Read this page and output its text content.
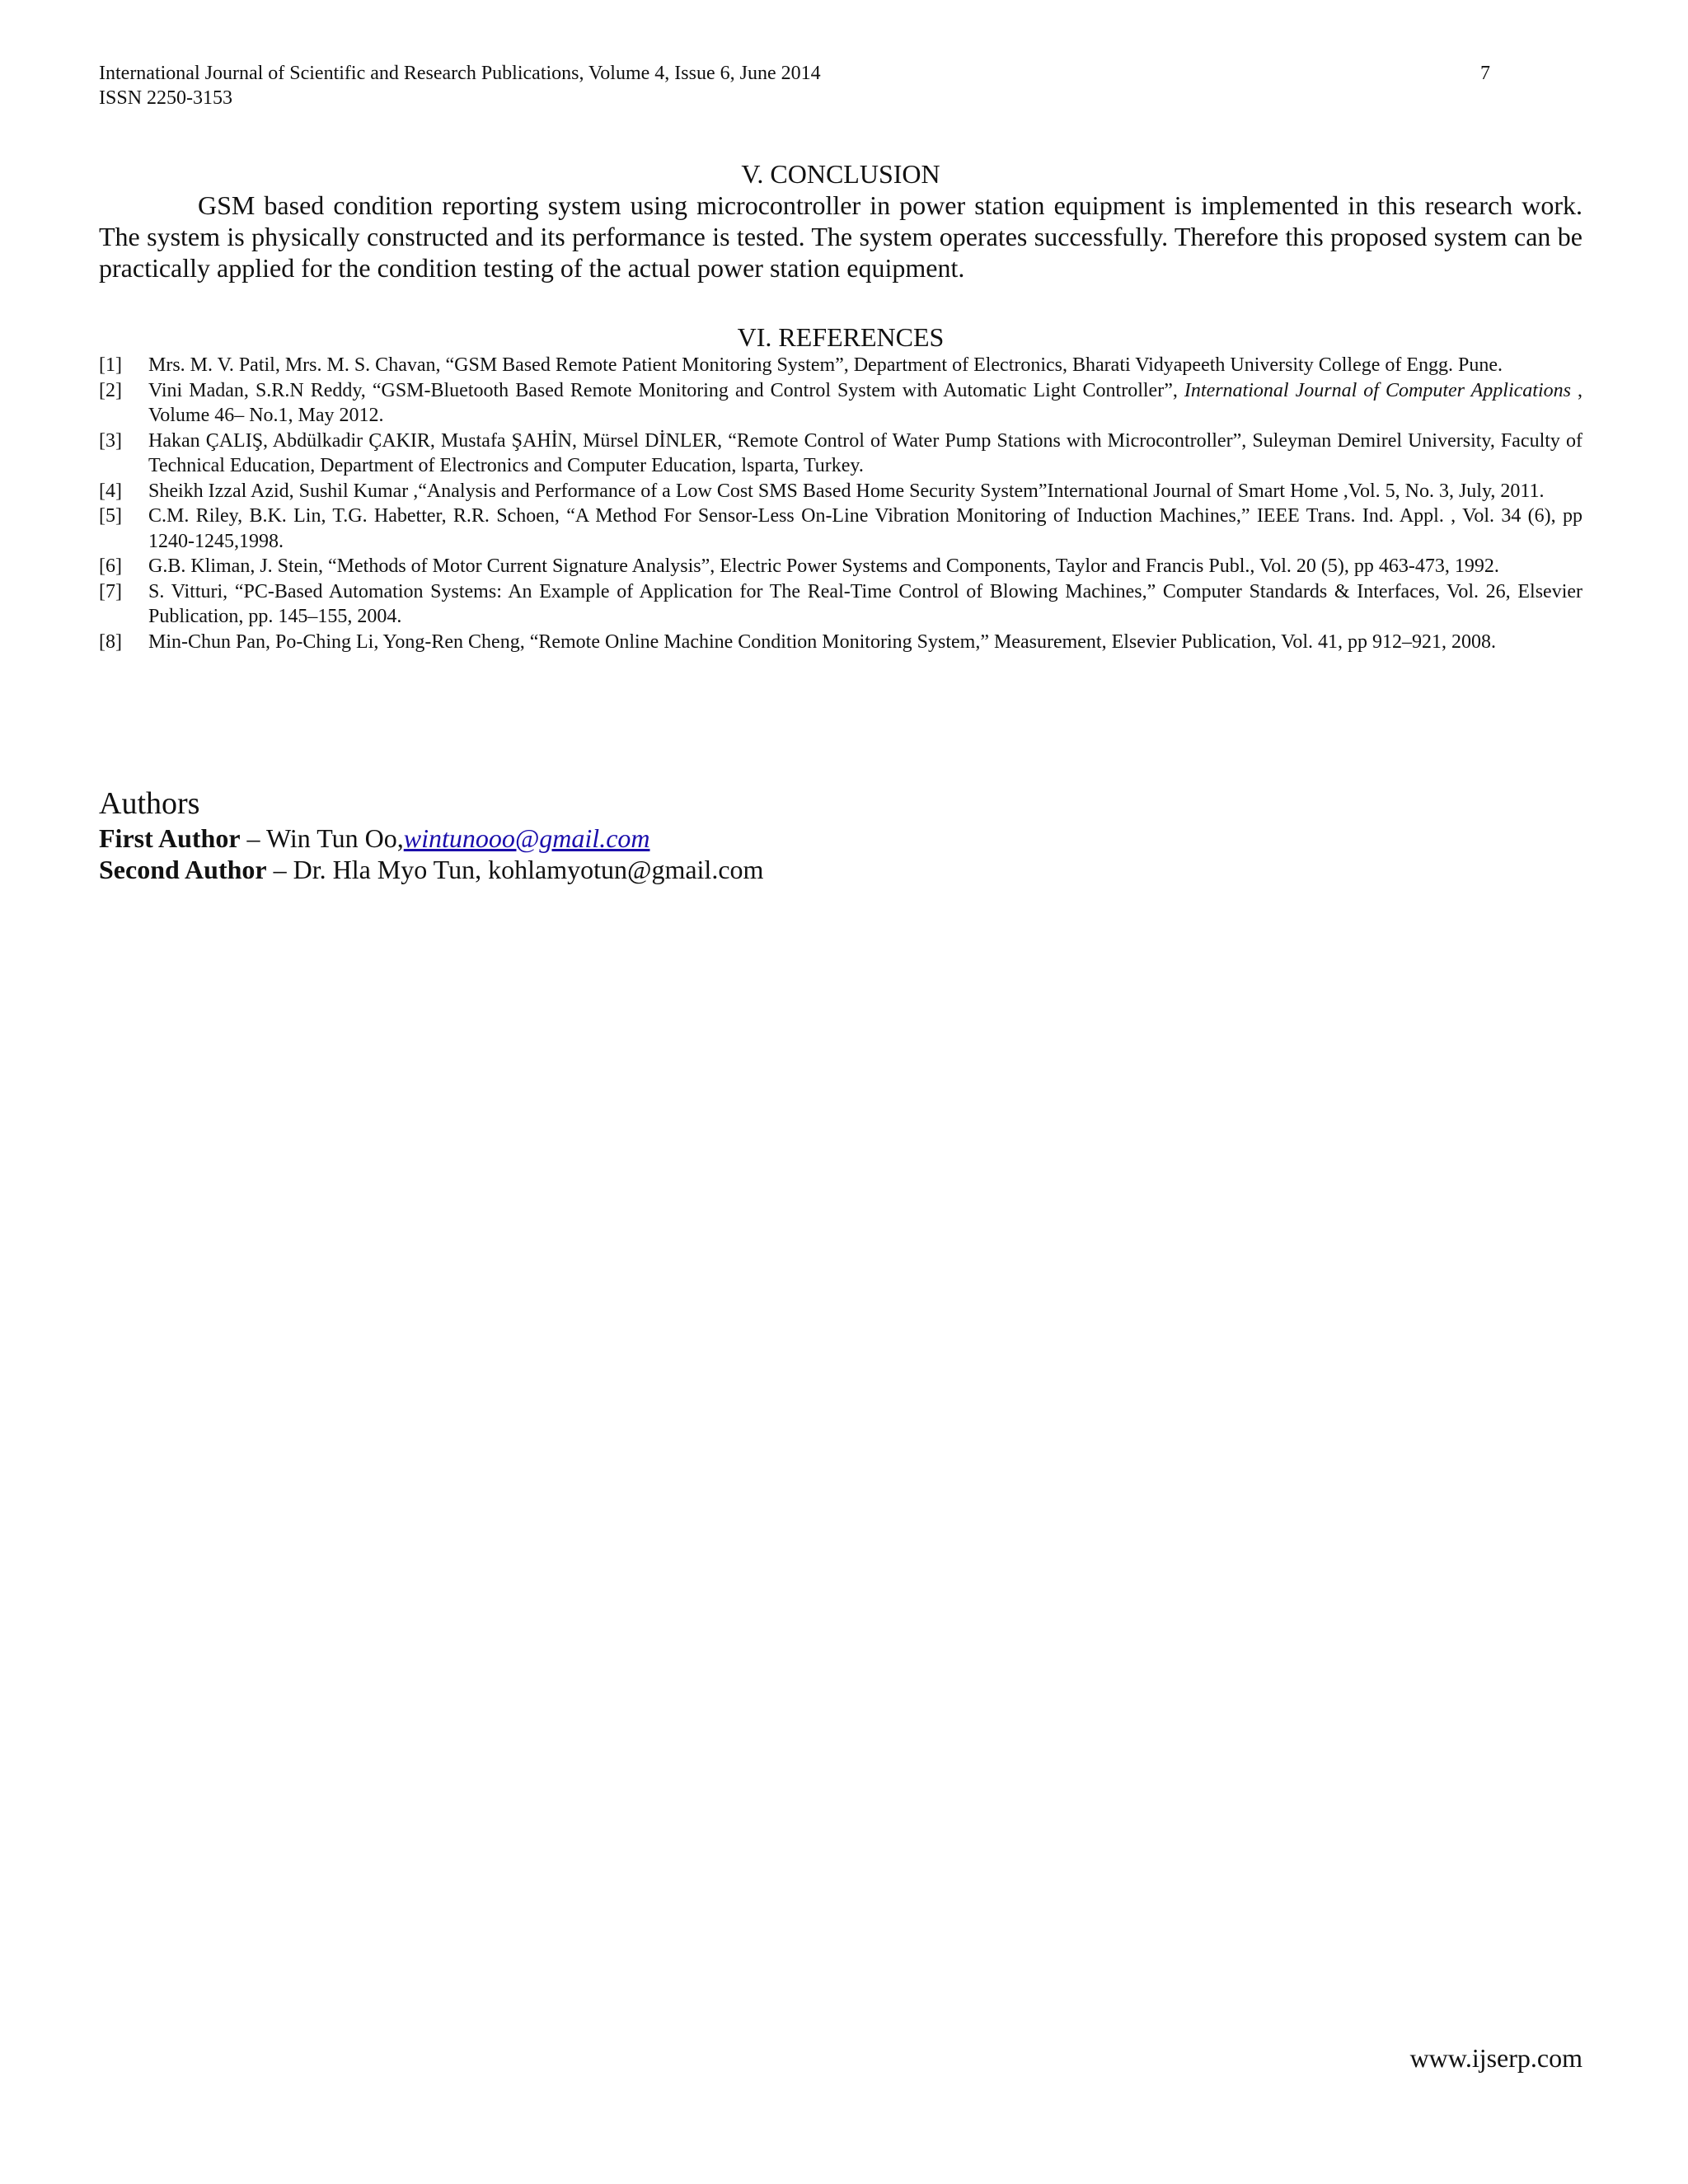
International Journal of Scientific and Research Publications, Volume 4, Issue 6, June 2014
ISSN 2250-3153
7
V. CONCLUSION

GSM based condition reporting system using microcontroller in power station equipment is implemented in this research work. The system is physically constructed and its performance is tested. The system operates successfully. Therefore this proposed system can be practically applied for the condition testing of the actual power station equipment.

VI. REFERENCES
[1]	Mrs. M. V. Patil, Mrs. M. S. Chavan, “GSM Based Remote Patient Monitoring System”, Department of Electronics, Bharati Vidyapeeth University College of Engg. Pune.
[2]	Vini Madan, S.R.N Reddy, “GSM-Bluetooth Based Remote Monitoring and Control System with Automatic Light Controller”, International Journal of Computer Applications , Volume 46– No.1, May 2012.
[3]	Hakan ÇALIŞ, Abdülkadir ÇAKIR, Mustafa ŞAHİN, Mürsel DİNLER, “Remote Control of Water Pump Stations with Microcontroller”, Suleyman Demirel University, Faculty of Technical Education, Department of Electronics and Computer Education, lsparta, Turkey.
[4]	Sheikh Izzal Azid, Sushil Kumar ,“Analysis and Performance of a Low Cost SMS Based Home Security System”International Journal of Smart Home ,Vol. 5, No. 3, July, 2011.
[5]	C.M. Riley, B.K. Lin, T.G. Habetter, R.R. Schoen, “A Method For Sensor-Less On-Line Vibration Monitoring of Induction Machines,” IEEE Trans. Ind. Appl. , Vol. 34 (6), pp 1240-1245,1998.
[6]	G.B. Kliman, J. Stein, “Methods of Motor Current Signature Analysis”, Electric Power Systems and Components, Taylor and Francis Publ., Vol. 20 (5), pp 463-473, 1992.
[7]	S. Vitturi, “PC-Based Automation Systems: An Example of Application for The Real-Time Control of Blowing Machines,” Computer Standards & Interfaces, Vol. 26, Elsevier Publication, pp. 145–155, 2004.
[8]	Min-Chun Pan, Po-Ching Li, Yong-Ren Cheng, “Remote Online Machine Condition Monitoring System,” Measurement, Elsevier Publication, Vol. 41, pp 912–921, 2008.
Authors
First Author – Win Tun Oo,wintunooo@gmail.com
Second Author – Dr. Hla Myo Tun, kohlamyotun@gmail.com
www.ijserp.com
